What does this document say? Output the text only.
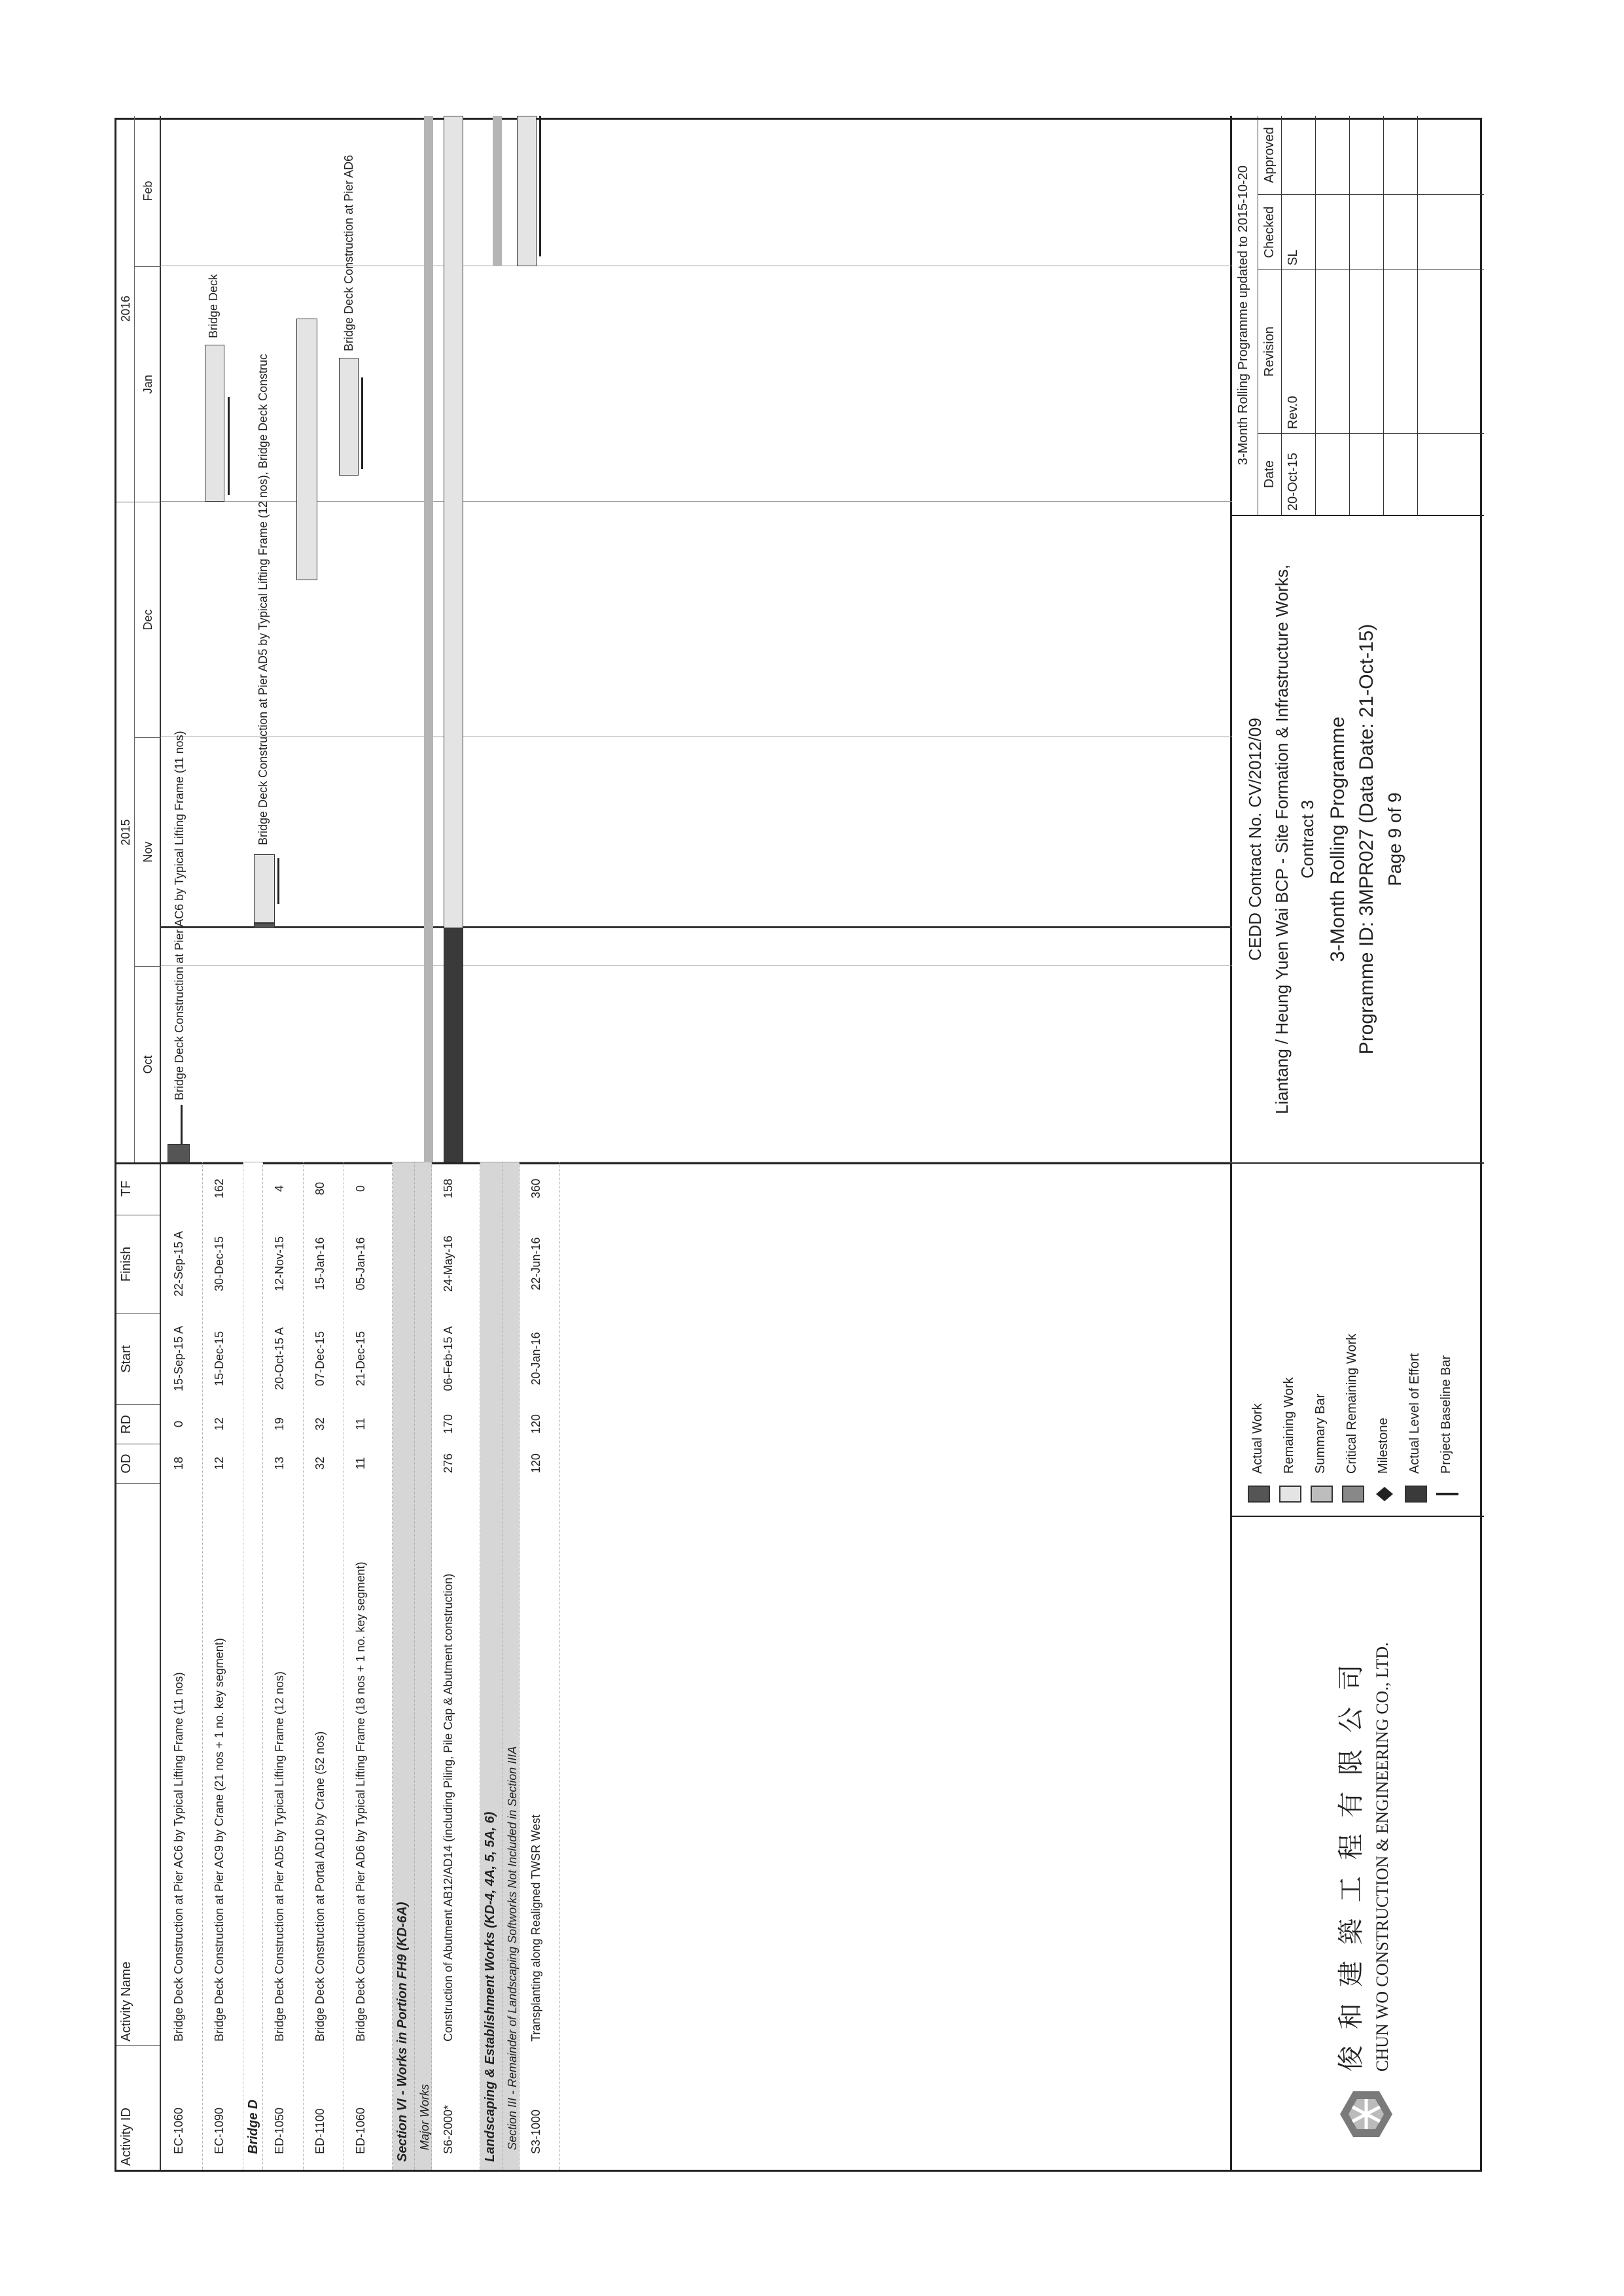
Activity ID
Activity Name
OD
RD
Start
Finish
TF
EC-1060
Bridge Deck Construction at Pier AC6 by Typical Lifting Frame (11 nos)
18
0
15-Sep-15 A
22-Sep-15 A
EC-1090
Bridge Deck Construction at Pier AC9 by Crane (21 nos + 1 no. key segment)
12
12
15-Dec-15
30-Dec-15
162
Bridge D	ED-1050
Bridge Deck Construction at Pier AD5 by Typical Lifting Frame (12 nos)
13
19
20-Oct-15 A
12-Nov-15
4
ED-1100
Bridge Deck Construction at Portal AD10 by Crane (52 nos)
32
32
07-Dec-15
15-Jan-16
80
ED-1060
Bridge Deck Construction at Pier AD6 by Typical Lifting Frame (18 nos + 1 no. key segment)
11
11
21-Dec-15
05-Jan-16
0
Section VI - Works in Portion FH9 (KD-6A) Major Works S6-2000*
Construction of Abutment AB12/AD14 (including Piling, Pile Cap & Abutment construction)
276
170
06-Feb-15 A
24-May-16
158
Landscaping & Establishment Works (KD-4, 4A, 5, 5A, 6) Section III - Remainder of Landscaping Softworks Not Included in Section IIIA S3-1000
Transplanting along Realigned TWSR West
120
120
20-Jan-16
22-Jun-16
360
2015
2016
Oct
Nov
Dec
Jan
Feb
Bridge Deck Construction at Pier AC6 by Typical Lifting Frame (11 nos)
Bridge Deck
Bridge Deck Construction at Pier AD5 by Typical Lifting Frame (12 nos), Bridge Deck Construc
Bridge Deck Construction at Pier AD6
俊 和 建 築 工 程 有 限 公 司 CHUN WO CONSTRUCTION & ENGINEERING CO., LTD.
Actual Work Remaining Work Summary Bar Critical Remaining Work Milestone Actual Level of Effort Project Baseline Bar
CEDD Contract No. CV/2012/09 Liantang / Heung Yuen Wai BCP - Site Formation & Infrastructure Works, Contract 3 3-Month Rolling Programme Programme ID: 3MPR027 (Data Date: 21-Oct-15) Page 9 of 9
3-Month Rolling Programme updated to 2015-10-20
Date
Revision
Checked
Approved
20-Oct-15
Rev.0
SL
